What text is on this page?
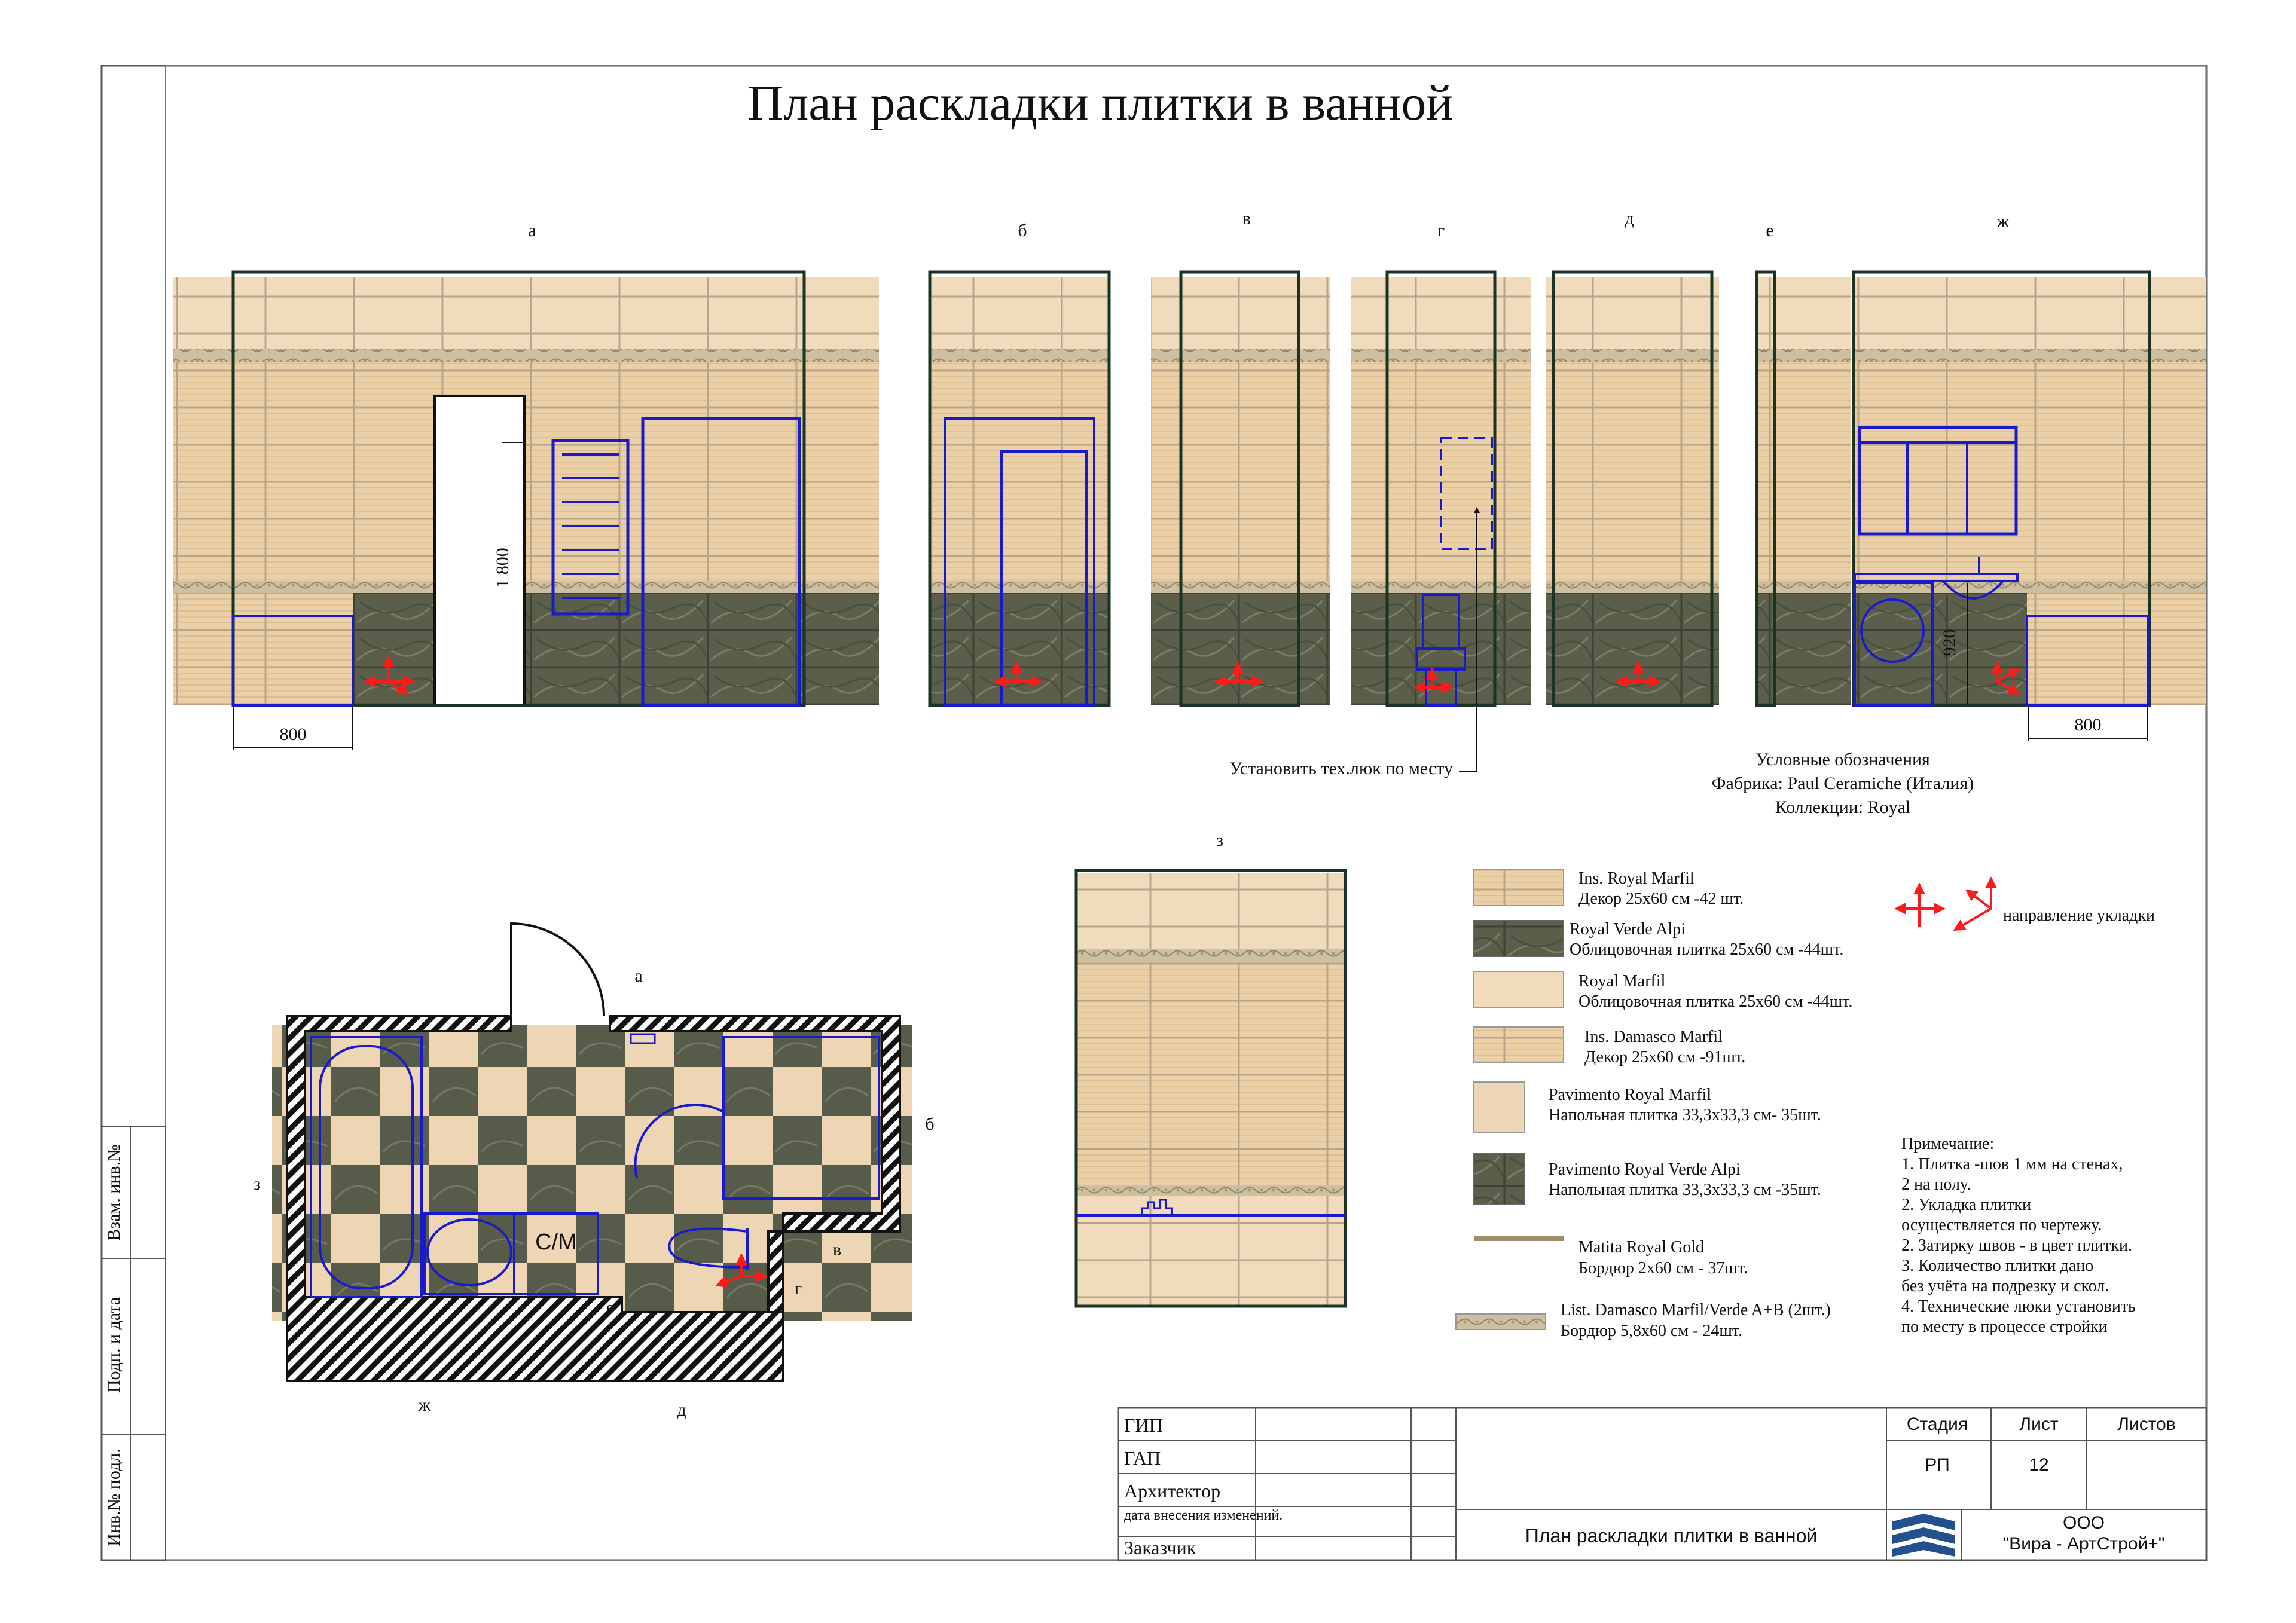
План раскладки плитки в ванной
1 800
800
а	б
в
г
Установить тех.люк по месту
д
е
920
800
ж
Условные обозначения
Фабрика: Paul Ceramiche (Италия)
Коллекции: Royal
з
С/М
а
б
в
г
е
з
ж	д
Ins. Royal Marfil
Декор 25x60 см -42 шт.
Royal Verde Alpi
Облицовочная плитка 25x60 см -44шт.
Royal Marfil
Облицовочная плитка 25x60 см -44шт.
Ins. Damasco Marfil
Декор 25x60 см -91шт.
Pavimento Royal Marfil
Напольная плитка 33,3x33,3 см- 35шт.
Pavimento Royal Verde Alpi
Напольная плитка 33,3x33,3 см -35шт.
Matita Royal Gold
Бордюр 2x60 см - 37шт.
List. Damasco Marfil/Verde A+B (2шт.)
Бордюр 5,8x60 см - 24шт.
направление укладки
Примечание:
1. Плитка -шов 1 мм на стенах,
2 на полу.
2. Укладка плитки
осуществляется по чертежу.
2. Затирку швов - в цвет плитки.
3. Количество плитки дано
без учёта на подрезку и скол.
4. Технические люки установить
по месту в процессе стройки
Взам. инв.№
Подп. и дата
Инв.№ подл.
ГИП
ГАП
Архитектор
дата внесения изменений.
Заказчик
Стадия	Лист	Листов
РП	12
План раскладки плитки в ванной
ООО
"Вира - АртСтрой+"
